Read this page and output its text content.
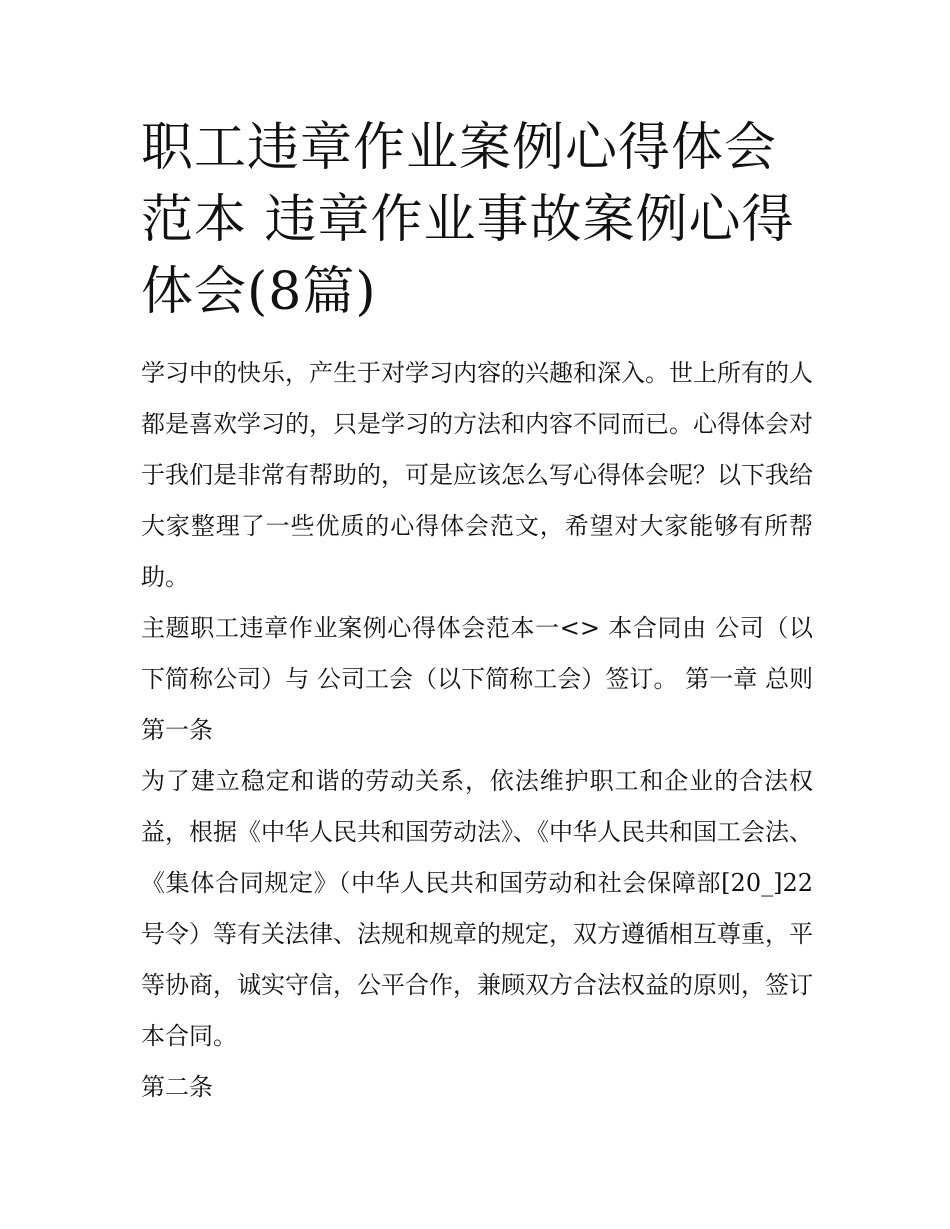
职工违章作业案例心得体会范本 违章作业事故案例心得体会(8篇)

学习中的快乐，产生于对学习内容的兴趣和深入。世上所有的人都是喜欢学习的，只是学习的方法和内容不同而已。心得体会对于我们是非常有帮助的，可是应该怎么写心得体会呢？以下我给大家整理了一些优质的心得体会范文，希望对大家能够有所帮助。

主题职工违章作业案例心得体会范本一<> 本合同由 公司（以下简称公司）与 公司工会（以下简称工会）签订。 第一章 总则 第一条

为了建立稳定和谐的劳动关系，依法维护职工和企业的合法权益，根据《中华人民共和国劳动法》、《中华人民共和国工会法、《集体合同规定》（中华人民共和国劳动和社会保障部[20_]22号令）等有关法律、法规和规章的规定，双方遵循相互尊重，平等协商，诚实守信，公平合作，兼顾双方合法权益的原则，签订本合同。

第二条
